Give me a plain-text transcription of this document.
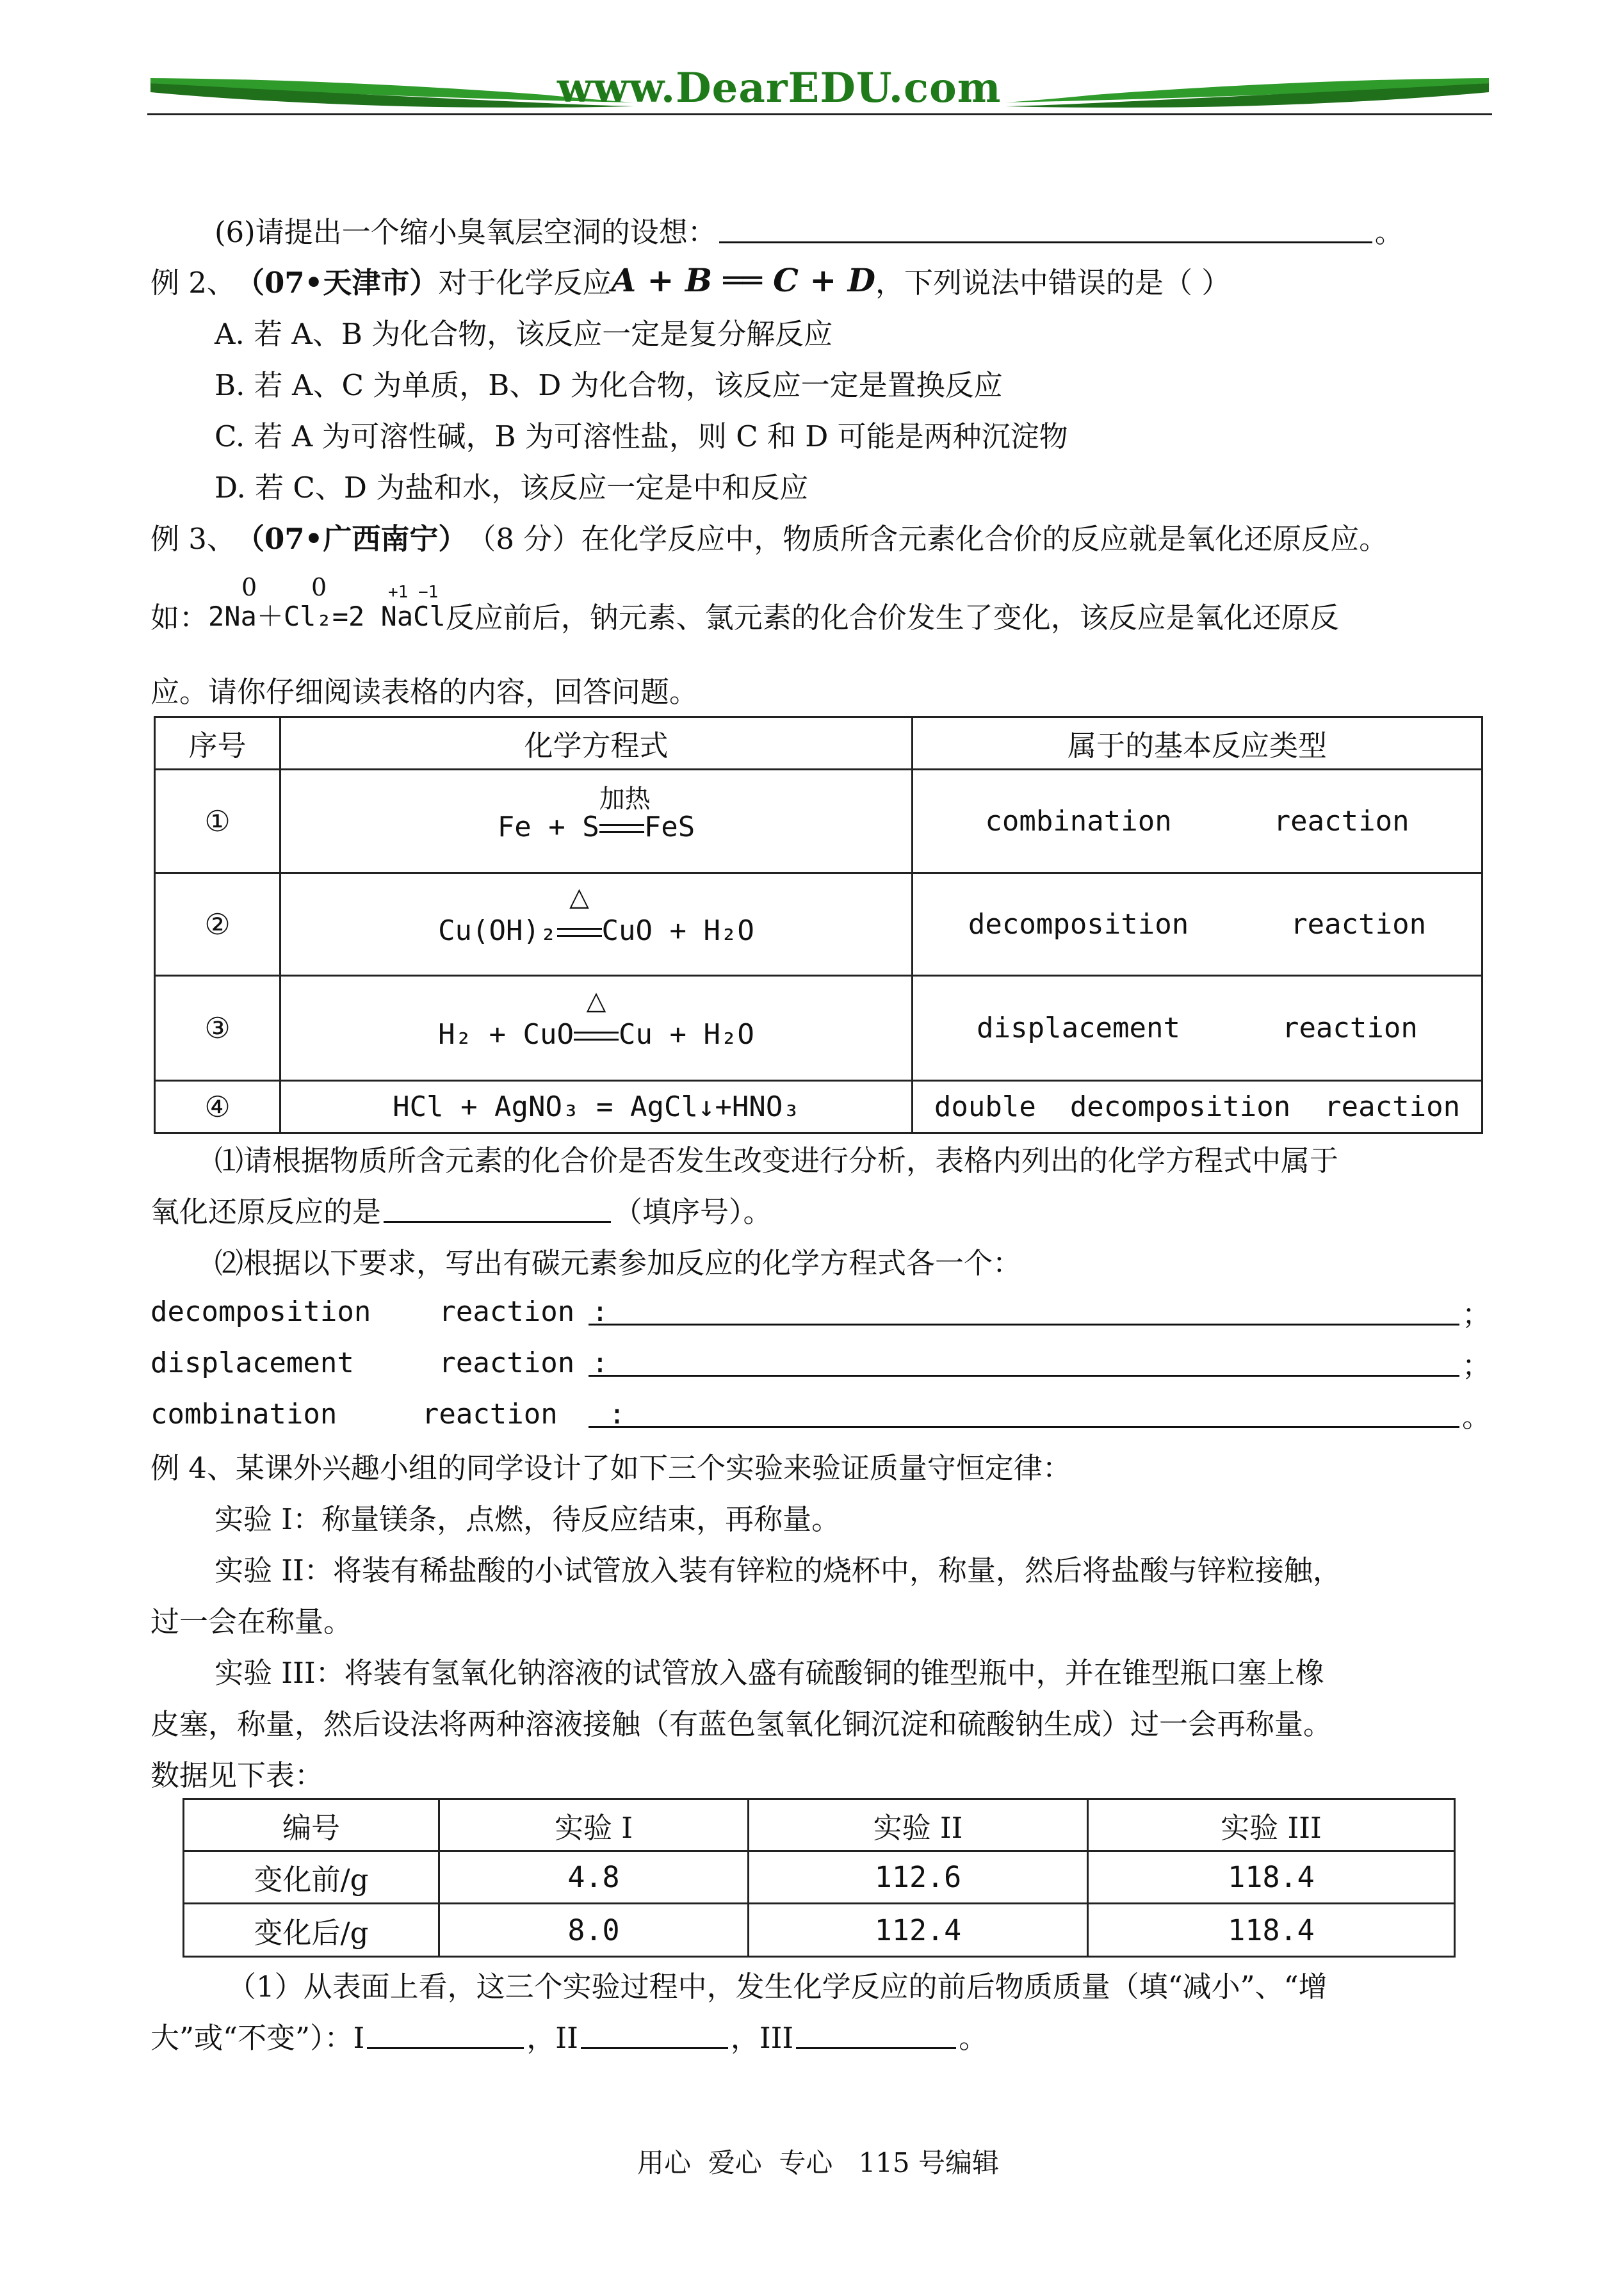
www.DearEDU.com
(6)请提出一个缩小臭氧层空洞的设想：	。
例 2、 （07•天津市） 对于化学反应 A + B ══ C + D ，下列说法中错误的是（ ）
A. 若 A、B 为化合物，该反应一定是复分解反应
B. 若 A、C 为单质，B、D 为化合物，该反应一定是置换反应
C. 若 A 为可溶性碱，B 为可溶性盐，则 C 和 D 可能是两种沉淀物
D. 若 C、D 为盐和水，该反应一定是中和反应
例 3、 （07•广西南宁） （8 分）在化学反应中，物质所含元素化合价的反应就是氧化还原反应。
0 0	+1 −1
如： 2Na＋Cl₂=2 NaCl 反应前后，钠元素、氯元素的化合价发生了变化，该反应是氧化还原反
应。请你仔细阅读表格的内容，回答问题。
序号	化学方程式	属于的基本反应类型
①	Fe + S
加热
FeS	combination      reaction
②	Cu(OH)₂
△
CuO + H₂O	decomposition      reaction
③	H₂ + CuO
△
Cu + H₂O	displacement      reaction
④	HCl + AgNO₃ = AgCl↓+HNO₃	double  decomposition  reaction
⑴请根据物质所含元素的化合价是否发生改变进行分析，表格内列出的化学方程式中属于
氧化还原反应的是	（填序号）。
⑵根据以下要求，写出有碳元素参加反应的化学方程式各一个：
decomposition    reaction :	；
displacement     reaction :	；
combination     reaction   :	。
例 4、某课外兴趣小组的同学设计了如下三个实验来验证质量守恒定律：
实验 I：称量镁条，点燃，待反应结束，再称量。
实验 II：将装有稀盐酸的小试管放入装有锌粒的烧杯中，称量，然后将盐酸与锌粒接触，
过一会在称量。
实验 III：将装有氢氧化钠溶液的试管放入盛有硫酸铜的锥型瓶中，并在锥型瓶口塞上橡
皮塞，称量，然后设法将两种溶液接触（有蓝色氢氧化铜沉淀和硫酸钠生成）过一会再称量。
数据见下表：
编号	实验 I	实验 II	实验 III
变化前/g	4.8	112.6	118.4
变化后/g	8.0	112.4	118.4
（1）从表面上看，这三个实验过程中，发生化学反应的前后物质质量（填“减小”、“增
大”或“不变”）：I	，II	，III	。
用心  爱心  专心   115 号编辑
